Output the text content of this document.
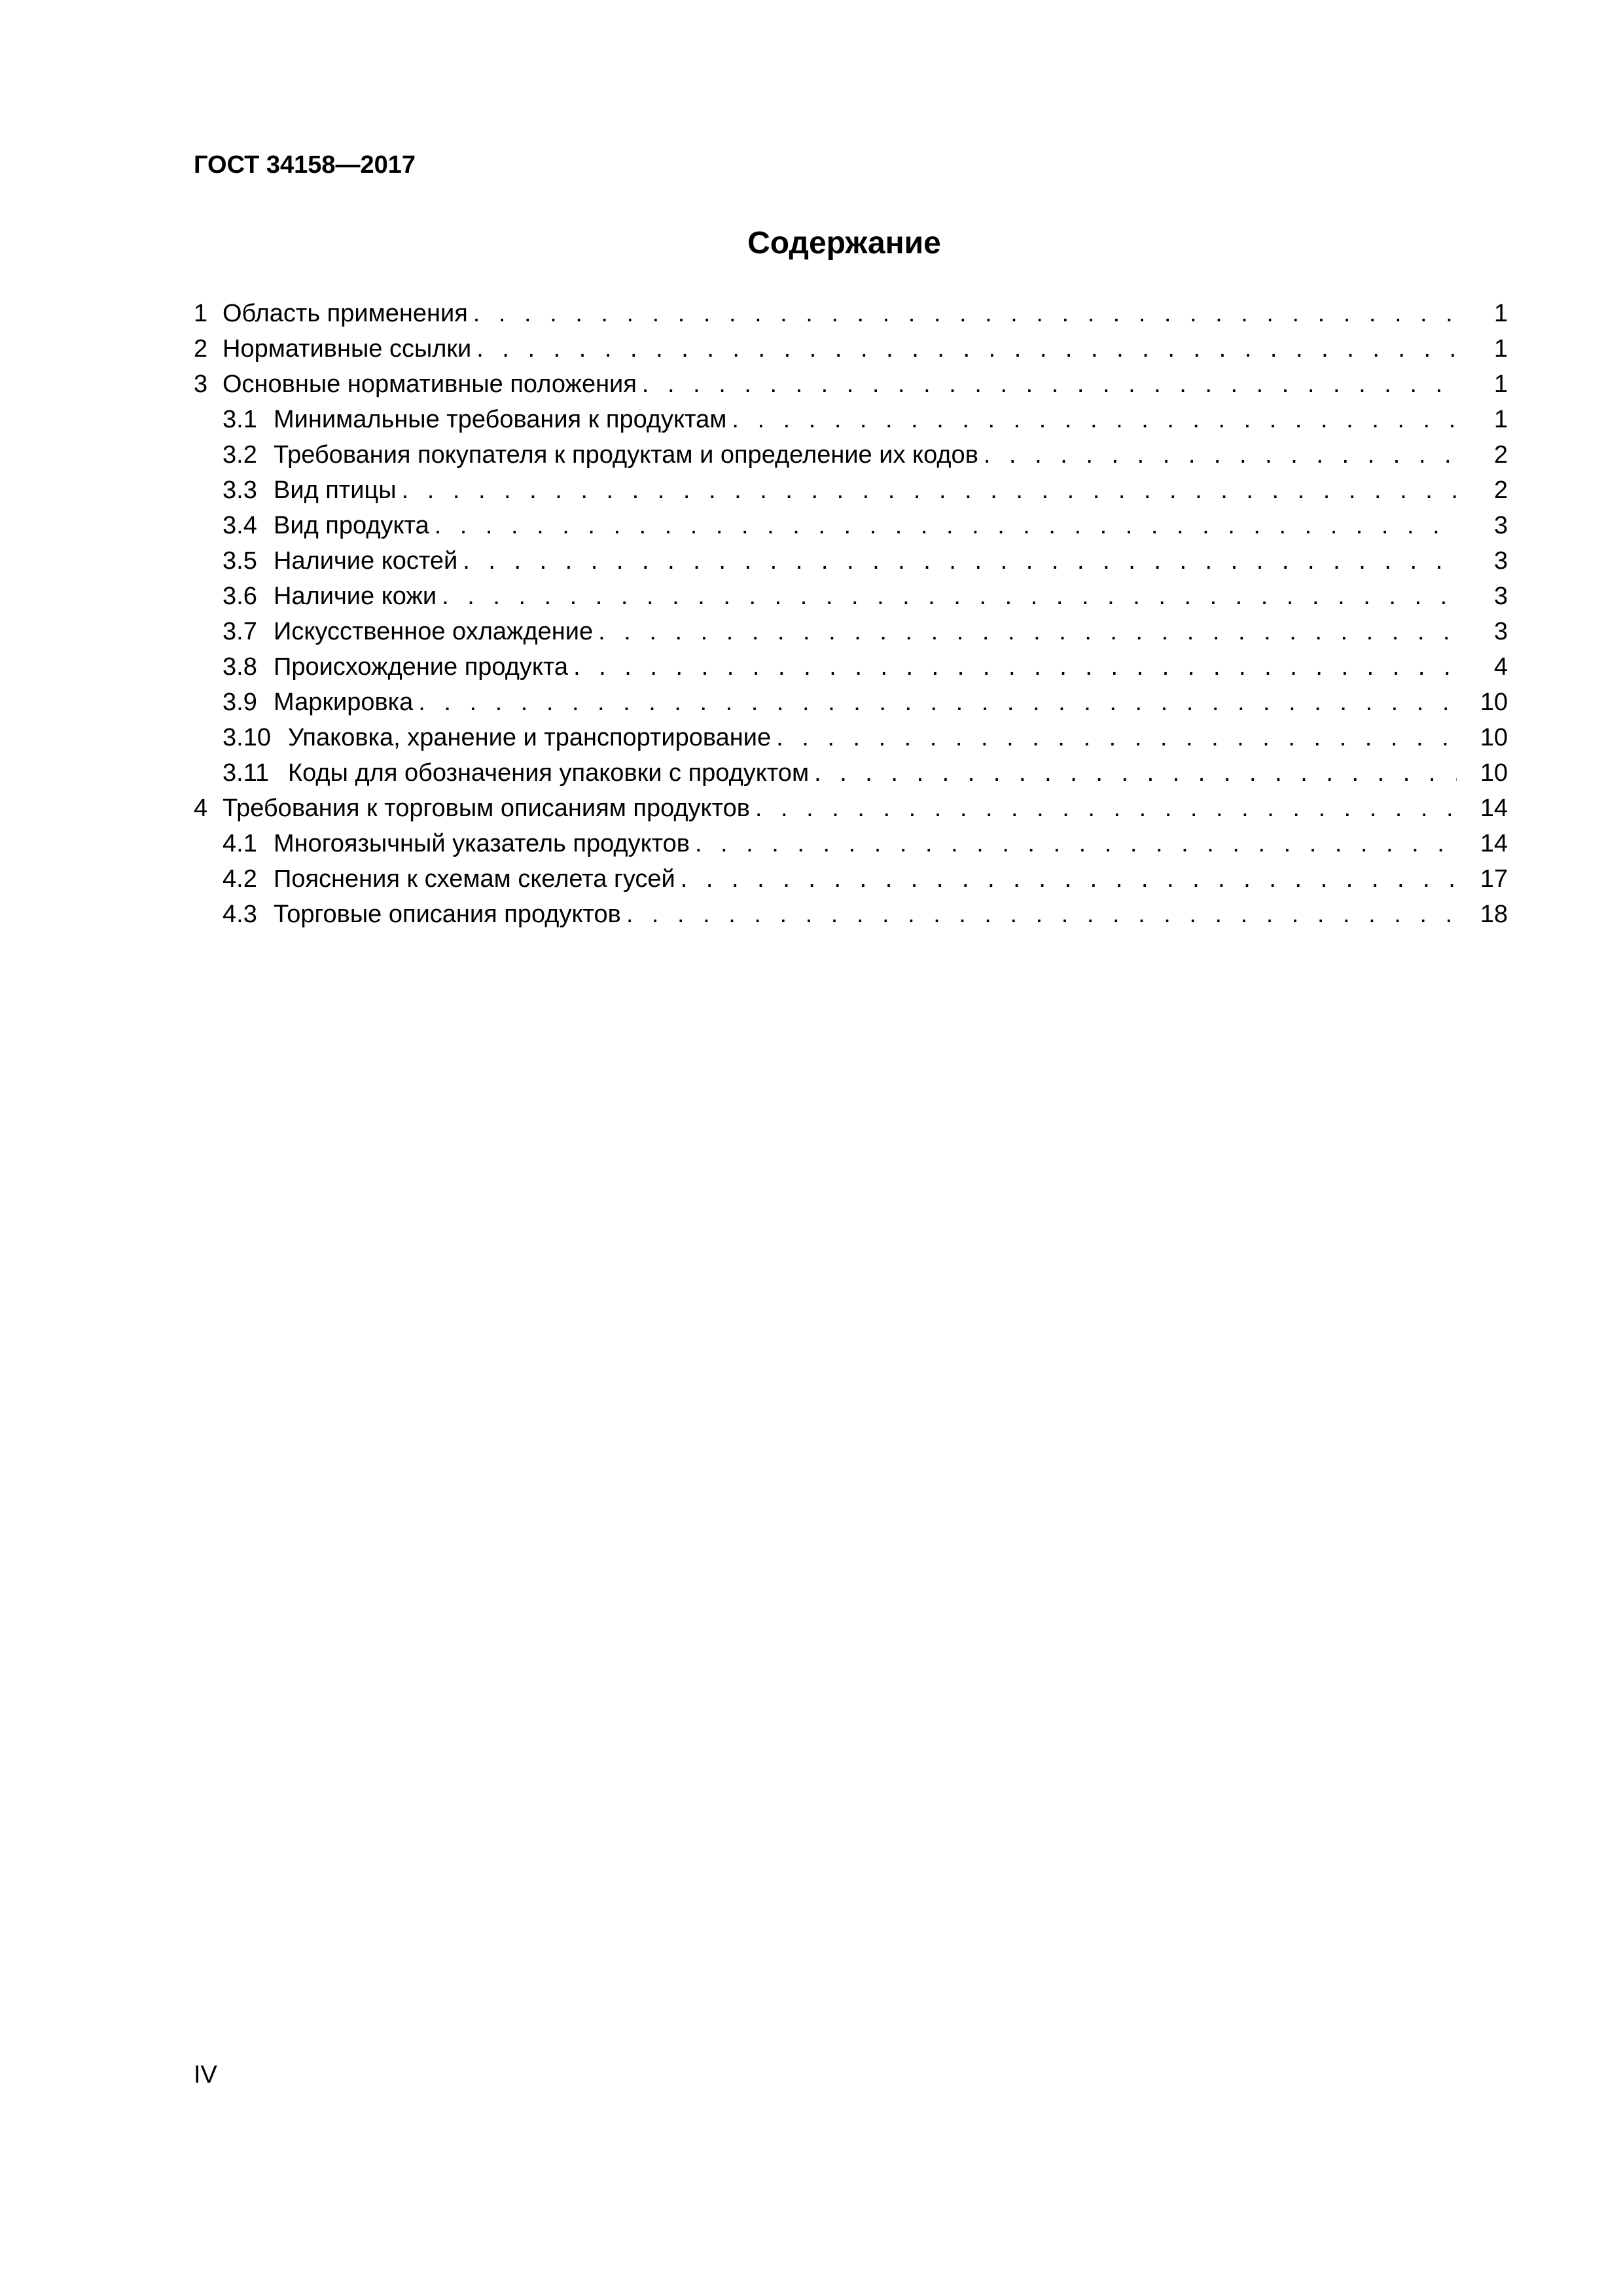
ГОСТ 34158—2017
Содержание
1 Область применения . . .	1
2 Нормативные ссылки . . .	1
3 Основные нормативные положения . . .	1
3.1 Минимальные требования к продуктам . . .	1
3.2 Требования покупателя к продуктам и определение их кодов . . .	2
3.3 Вид птицы . . .	2
3.4 Вид продукта . . .	3
3.5 Наличие костей . . .	3
3.6 Наличие кожи . . .	3
3.7 Искусственное охлаждение . . .	3
3.8 Происхождение продукта . . .	4
3.9 Маркировка . . .	10
3.10 Упаковка, хранение и транспортирование . . .	10
3.11 Коды для обозначения упаковки с продуктом . . .	10
4 Требования к торговым описаниям продуктов . . .	14
4.1 Многоязычный указатель продуктов . . .	14
4.2 Пояснения к схемам скелета гусей . . .	17
4.3 Торговые описания продуктов . . .	18
IV
